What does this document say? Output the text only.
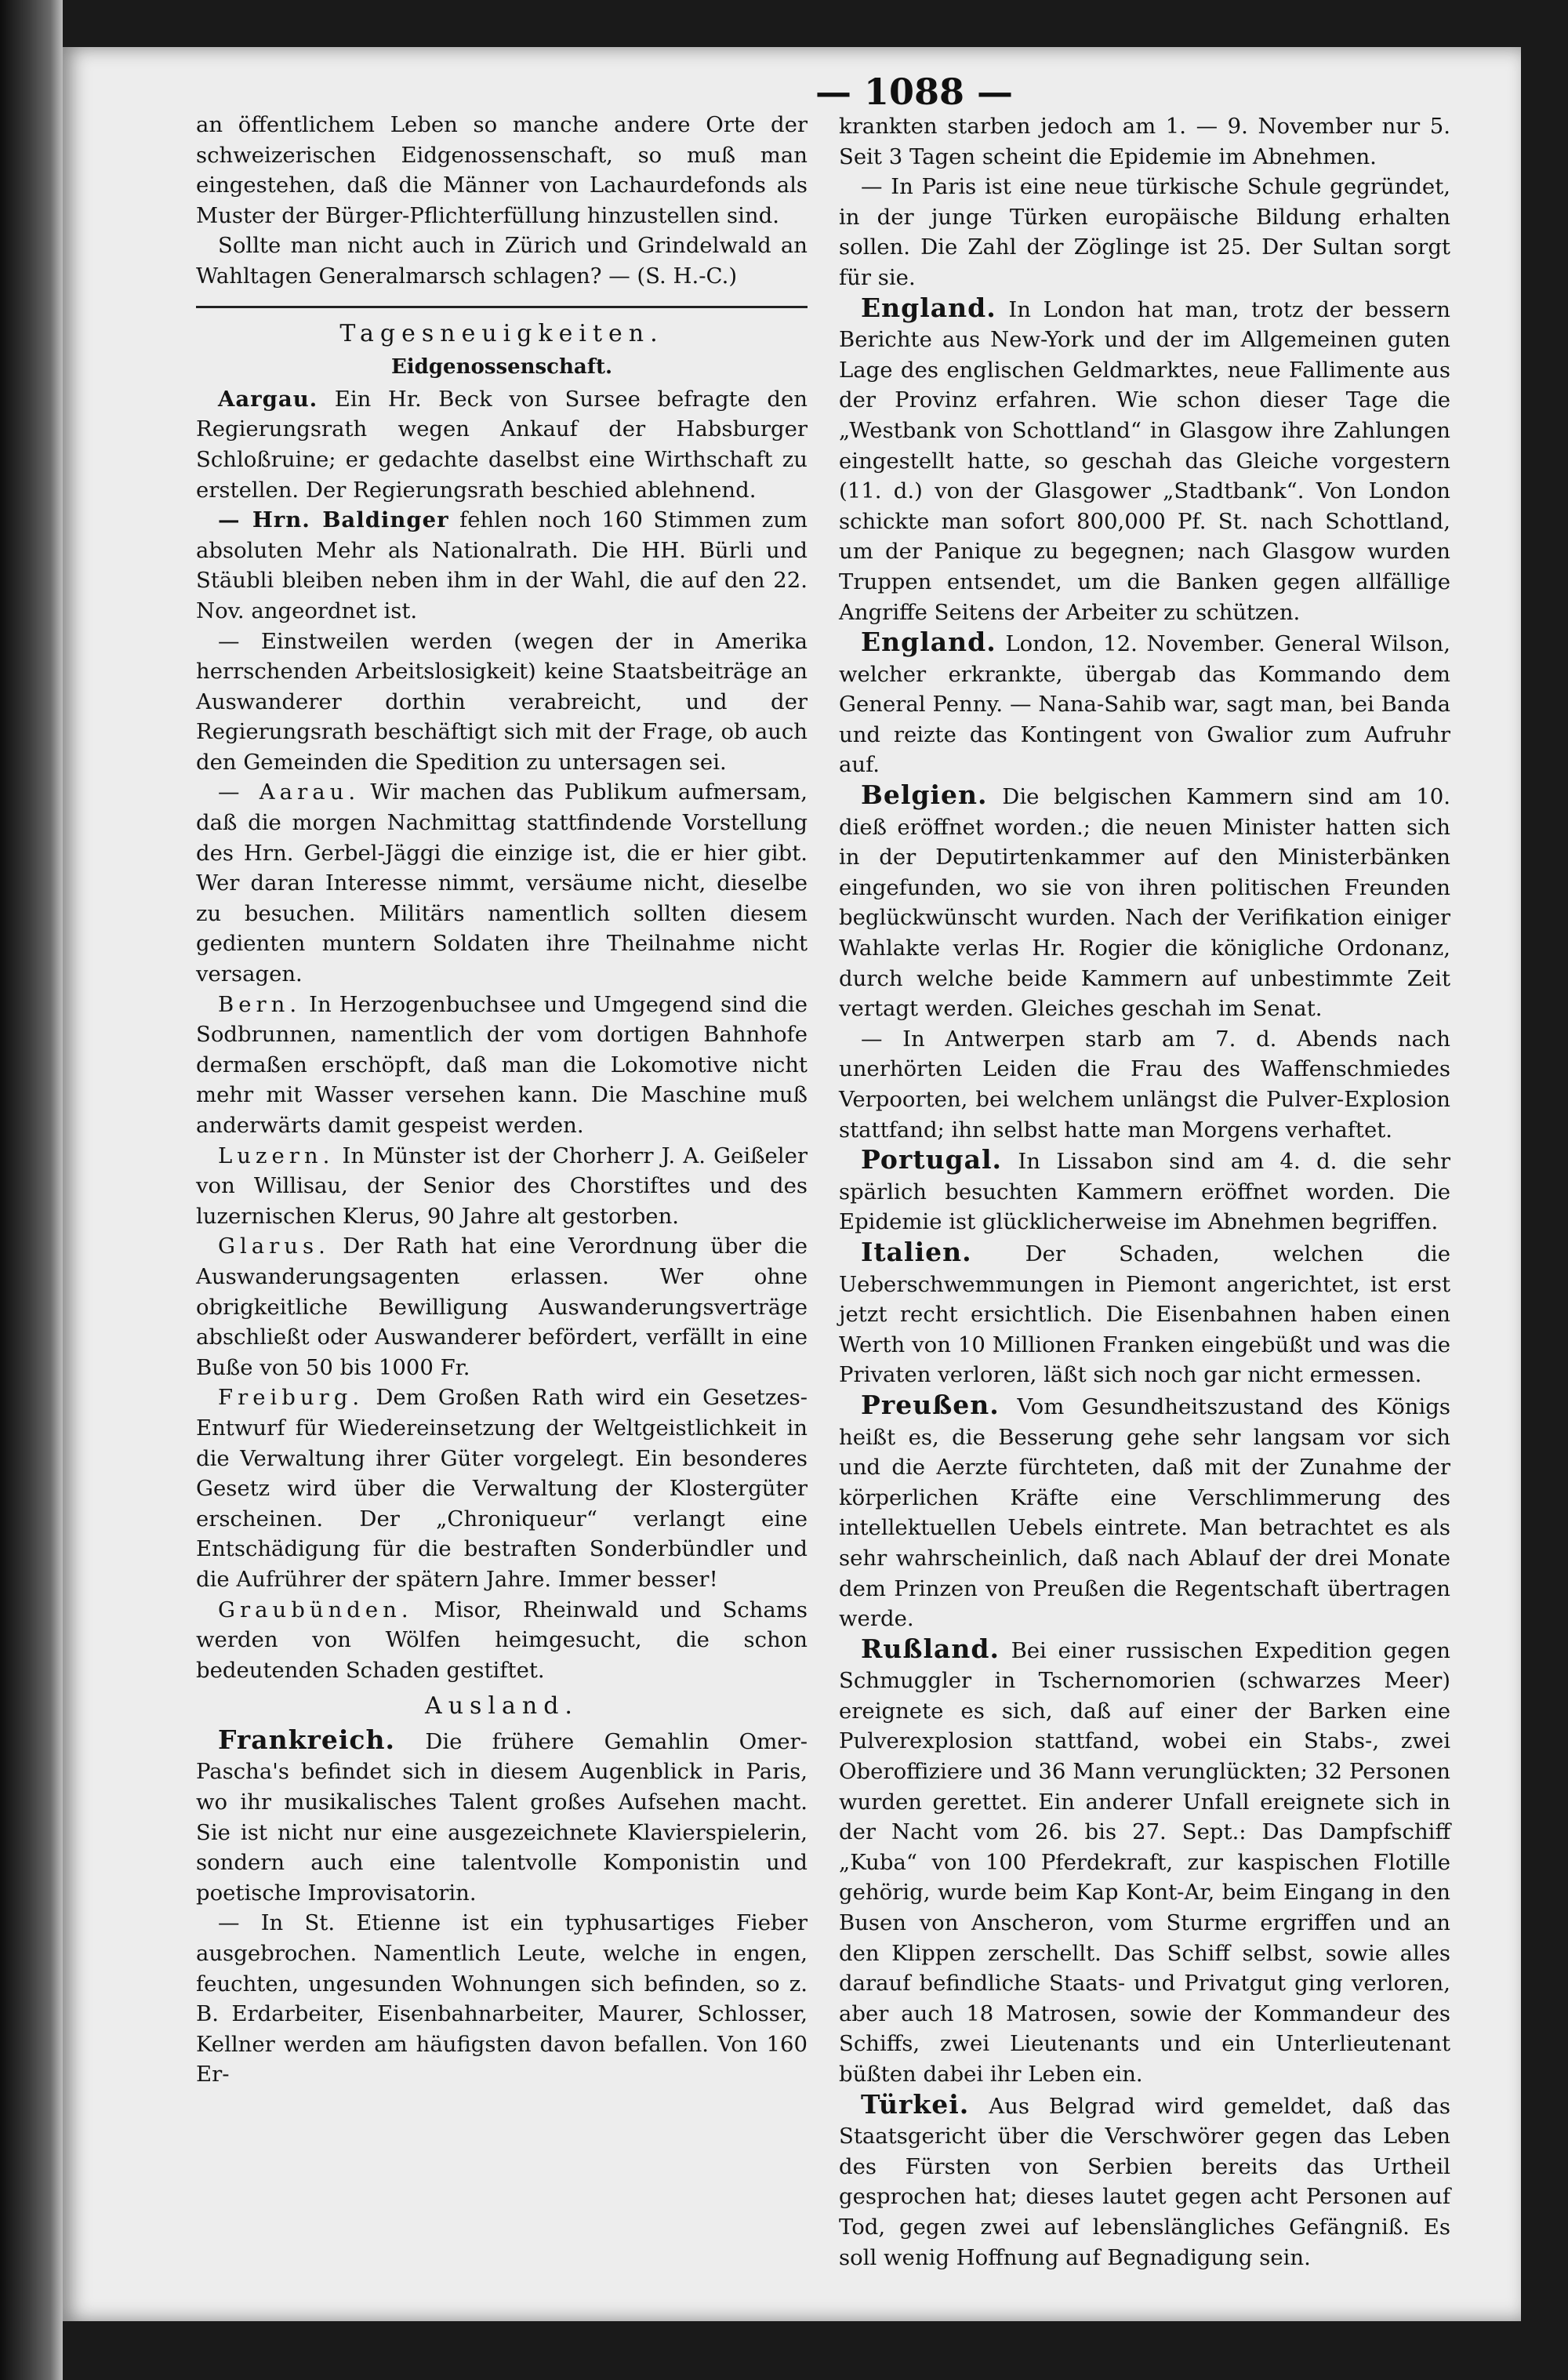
— 1088 —

an öffentlichem Leben so manche andere Orte der schweizerischen Eidgenossenschaft, so muß man eingestehen, daß die Männer von Lachaurdefonds als Muster der Bürger-Pflichterfüllung hinzustellen sind.

Sollte man nicht auch in Zürich und Grindelwald an Wahltagen Generalmarsch schlagen? — (S. H.-C.)

Tagesneuigkeiten.
Eidgenossenschaft.

Aargau. Ein Hr. Beck von Sursee befragte den Regierungsrath wegen Ankauf der Habsburger Schloßruine; er gedachte daselbst eine Wirthschaft zu erstellen. Der Regierungsrath beschied ablehnend.

— Hrn. Baldinger fehlen noch 160 Stimmen zum absoluten Mehr als Nationalrath. Die HH. Bürli und Stäubli bleiben neben ihm in der Wahl, die auf den 22. Nov. angeordnet ist.

— Einstweilen werden (wegen der in Amerika herrschenden Arbeitslosigkeit) keine Staatsbeiträge an Auswanderer dorthin verabreicht, und der Regierungsrath beschäftigt sich mit der Frage, ob auch den Gemeinden die Spedition zu untersagen sei.

— Aarau. Wir machen das Publikum aufmersam, daß die morgen Nachmittag stattfindende Vorstellung des Hrn. Gerbel-Jäggi die einzige ist, die er hier gibt. Wer daran Interesse nimmt, versäume nicht, dieselbe zu besuchen. Militärs namentlich sollten diesem gedienten muntern Soldaten ihre Theilnahme nicht versagen.

Bern. In Herzogenbuchsee und Umgegend sind die Sodbrunnen, namentlich der vom dortigen Bahnhofe dermaßen erschöpft, daß man die Lokomotive nicht mehr mit Wasser versehen kann. Die Maschine muß anderwärts damit gespeist werden.

Luzern. In Münster ist der Chorherr J. A. Geißeler von Willisau, der Senior des Chorstiftes und des luzernischen Klerus, 90 Jahre alt gestorben.

Glarus. Der Rath hat eine Verordnung über die Auswanderungsagenten erlassen. Wer ohne obrigkeitliche Bewilligung Auswanderungsverträge abschließt oder Auswanderer befördert, verfällt in eine Buße von 50 bis 1000 Fr.

Freiburg. Dem Großen Rath wird ein Gesetzes-Entwurf für Wiedereinsetzung der Weltgeistlichkeit in die Verwaltung ihrer Güter vorgelegt. Ein besonderes Gesetz wird über die Verwaltung der Klostergüter erscheinen. Der „Chroniqueur“ verlangt eine Entschädigung für die bestraften Sonderbündler und die Aufrührer der spätern Jahre. Immer besser!

Graubünden. Misor, Rheinwald und Schams werden von Wölfen heimgesucht, die schon bedeutenden Schaden gestiftet.

Ausland.

Frankreich. Die frühere Gemahlin Omer-Pascha's befindet sich in diesem Augenblick in Paris, wo ihr musikalisches Talent großes Aufsehen macht. Sie ist nicht nur eine ausgezeichnete Klavierspielerin, sondern auch eine talentvolle Komponistin und poetische Improvisatorin.

— In St. Etienne ist ein typhusartiges Fieber ausgebrochen. Namentlich Leute, welche in engen, feuchten, ungesunden Wohnungen sich befinden, so z. B. Erdarbeiter, Eisenbahnarbeiter, Maurer, Schlosser, Kellner werden am häufigsten davon befallen. Von 160 Er-

krankten starben jedoch am 1. — 9. November nur 5. Seit 3 Tagen scheint die Epidemie im Abnehmen.

— In Paris ist eine neue türkische Schule gegründet, in der junge Türken europäische Bildung erhalten sollen. Die Zahl der Zöglinge ist 25. Der Sultan sorgt für sie.

England. In London hat man, trotz der bessern Berichte aus New-York und der im Allgemeinen guten Lage des englischen Geldmarktes, neue Fallimente aus der Provinz erfahren. Wie schon dieser Tage die „Westbank von Schottland“ in Glasgow ihre Zahlungen eingestellt hatte, so geschah das Gleiche vorgestern (11. d.) von der Glasgower „Stadtbank“. Von London schickte man sofort 800,000 Pf. St. nach Schottland, um der Panique zu begegnen; nach Glasgow wurden Truppen entsendet, um die Banken gegen allfällige Angriffe Seitens der Arbeiter zu schützen.

England. London, 12. November. General Wilson, welcher erkrankte, übergab das Kommando dem General Penny. — Nana-Sahib war, sagt man, bei Banda und reizte das Kontingent von Gwalior zum Aufruhr auf.

Belgien. Die belgischen Kammern sind am 10. dieß eröffnet worden.; die neuen Minister hatten sich in der Deputirtenkammer auf den Ministerbänken eingefunden, wo sie von ihren politischen Freunden beglückwünscht wurden. Nach der Verifikation einiger Wahlakte verlas Hr. Rogier die königliche Ordonanz, durch welche beide Kammern auf unbestimmte Zeit vertagt werden. Gleiches geschah im Senat.

— In Antwerpen starb am 7. d. Abends nach unerhörten Leiden die Frau des Waffenschmiedes Verpoorten, bei welchem unlängst die Pulver-Explosion stattfand; ihn selbst hatte man Morgens verhaftet.

Portugal. In Lissabon sind am 4. d. die sehr spärlich besuchten Kammern eröffnet worden. Die Epidemie ist glücklicherweise im Abnehmen begriffen.

Italien. Der Schaden, welchen die Ueberschwemmungen in Piemont angerichtet, ist erst jetzt recht ersichtlich. Die Eisenbahnen haben einen Werth von 10 Millionen Franken eingebüßt und was die Privaten verloren, läßt sich noch gar nicht ermessen.

Preußen. Vom Gesundheitszustand des Königs heißt es, die Besserung gehe sehr langsam vor sich und die Aerzte fürchteten, daß mit der Zunahme der körperlichen Kräfte eine Verschlimmerung des intellektuellen Uebels eintrete. Man betrachtet es als sehr wahrscheinlich, daß nach Ablauf der drei Monate dem Prinzen von Preußen die Regentschaft übertragen werde.

Rußland. Bei einer russischen Expedition gegen Schmuggler in Tschernomorien (schwarzes Meer) ereignete es sich, daß auf einer der Barken eine Pulverexplosion stattfand, wobei ein Stabs-, zwei Oberoffiziere und 36 Mann verunglückten; 32 Personen wurden gerettet. Ein anderer Unfall ereignete sich in der Nacht vom 26. bis 27. Sept.: Das Dampfschiff „Kuba“ von 100 Pferdekraft, zur kaspischen Flotille gehörig, wurde beim Kap Kont-Ar, beim Eingang in den Busen von Anscheron, vom Sturme ergriffen und an den Klippen zerschellt. Das Schiff selbst, sowie alles darauf befindliche Staats- und Privatgut ging verloren, aber auch 18 Matrosen, sowie der Kommandeur des Schiffs, zwei Lieutenants und ein Unterlieutenant büßten dabei ihr Leben ein.

Türkei. Aus Belgrad wird gemeldet, daß das Staatsgericht über die Verschwörer gegen das Leben des Fürsten von Serbien bereits das Urtheil gesprochen hat; dieses lautet gegen acht Personen auf Tod, gegen zwei auf lebenslängliches Gefängniß. Es soll wenig Hoffnung auf Begnadigung sein.
